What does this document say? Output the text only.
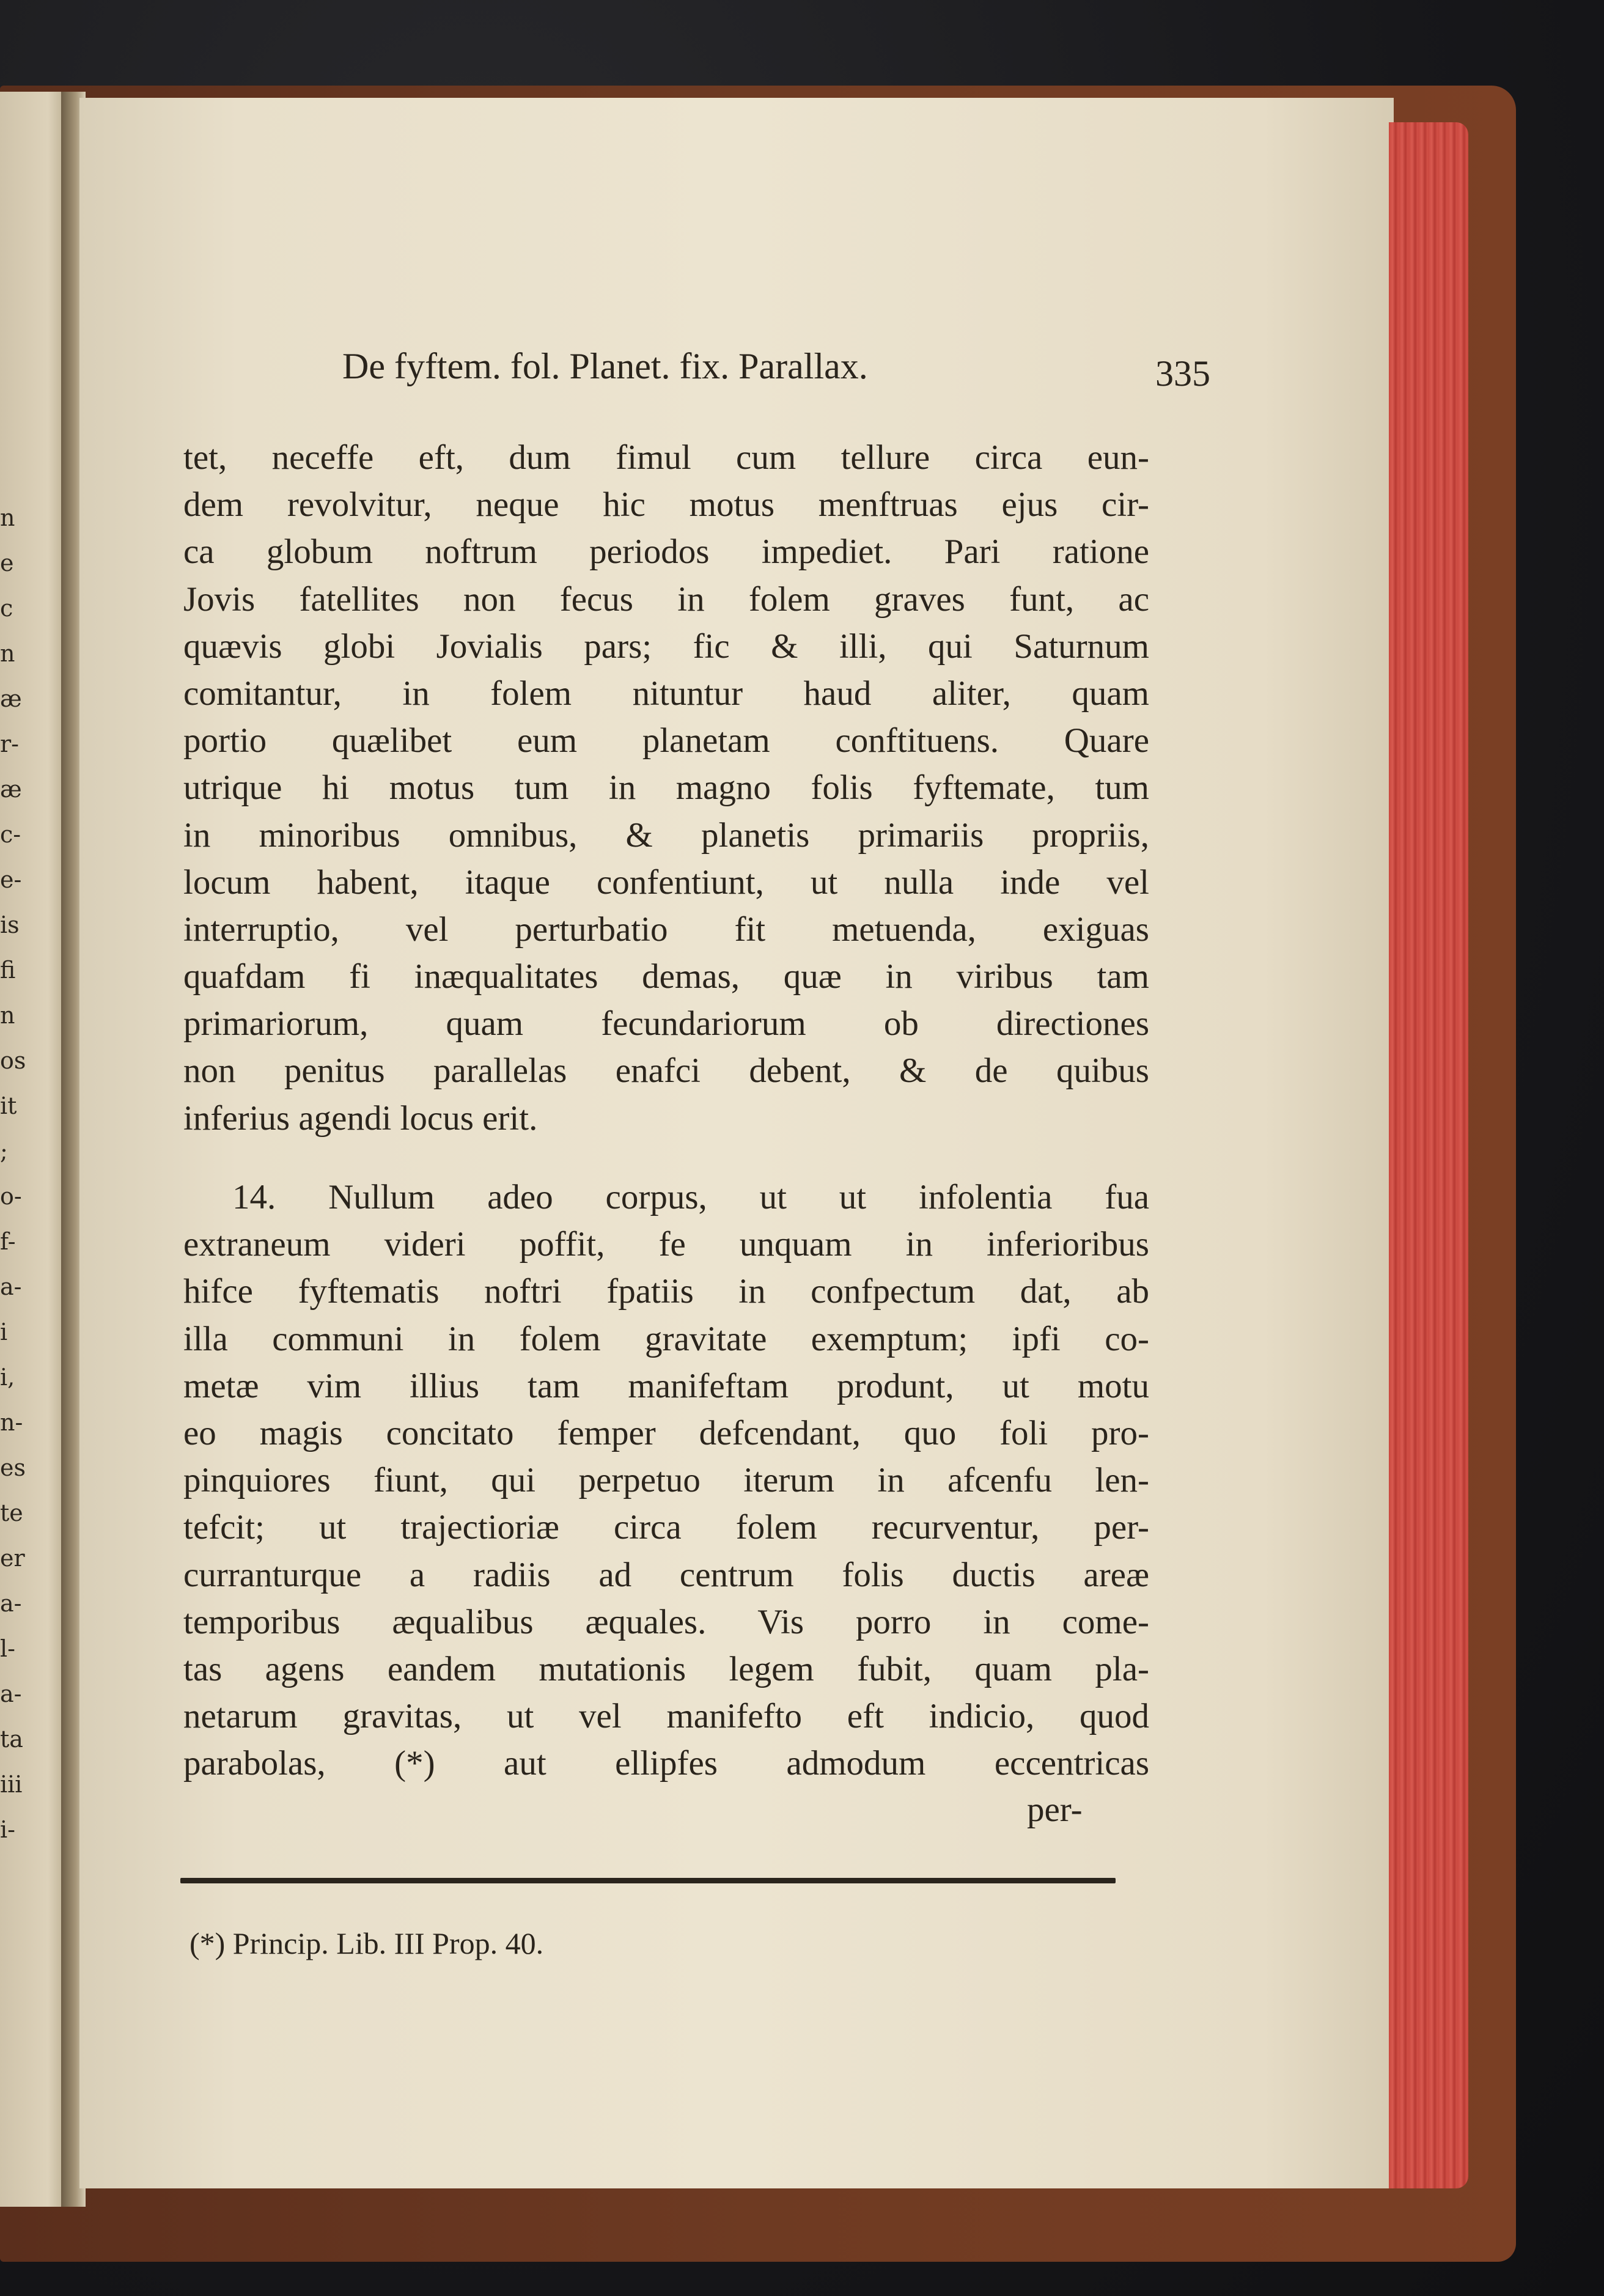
n
e
c
n
æ
r-
æ
c-
e-
is
fi
n
os
it
;
o-
f-
a-
i
i,
n-
es
te
er
a-
l-
a-
ta
iii
i-
De fyftem. fol. Planet. fix. Parallax.	335
tet, neceffe eft, dum fimul cum tellure circa eun-
dem revolvitur, neque hic motus menftruas ejus cir-
ca globum noftrum periodos impediet. Pari ratione
Jovis fatellites non fecus in folem graves funt, ac
quævis globi Jovialis pars; fic & illi, qui Saturnum
comitantur, in folem nituntur haud aliter, quam
portio quælibet eum planetam conftituens. Quare
utrique hi motus tum in magno folis fyftemate, tum
in minoribus omnibus, & planetis primariis propriis,
locum habent, itaque confentiunt, ut nulla inde vel
interruptio, vel perturbatio fit metuenda, exiguas
quafdam fi inæqualitates demas, quæ in viribus tam
primariorum, quam fecundariorum ob directiones
non penitus parallelas enafci debent, & de quibus
inferius agendi locus erit.
14. Nullum adeo corpus, ut ut infolentia fua
extraneum videri poffit, fe unquam in inferioribus
hifce fyftematis noftri fpatiis in confpectum dat, ab
illa communi in folem gravitate exemptum; ipfi co-
metæ vim illius tam manifeftam produnt, ut motu
eo magis concitato femper defcendant, quo foli pro-
pinquiores fiunt, qui perpetuo iterum in afcenfu len-
tefcit; ut trajectioriæ circa folem recurventur, per-
curranturque a radiis ad centrum folis ductis areæ
temporibus æqualibus æquales. Vis porro in come-
tas agens eandem mutationis legem fubit, quam pla-
netarum gravitas, ut vel manifefto eft indicio, quod
parabolas, (*) aut ellipfes admodum eccentricas
per-
(*) Princip. Lib. III Prop. 40.
